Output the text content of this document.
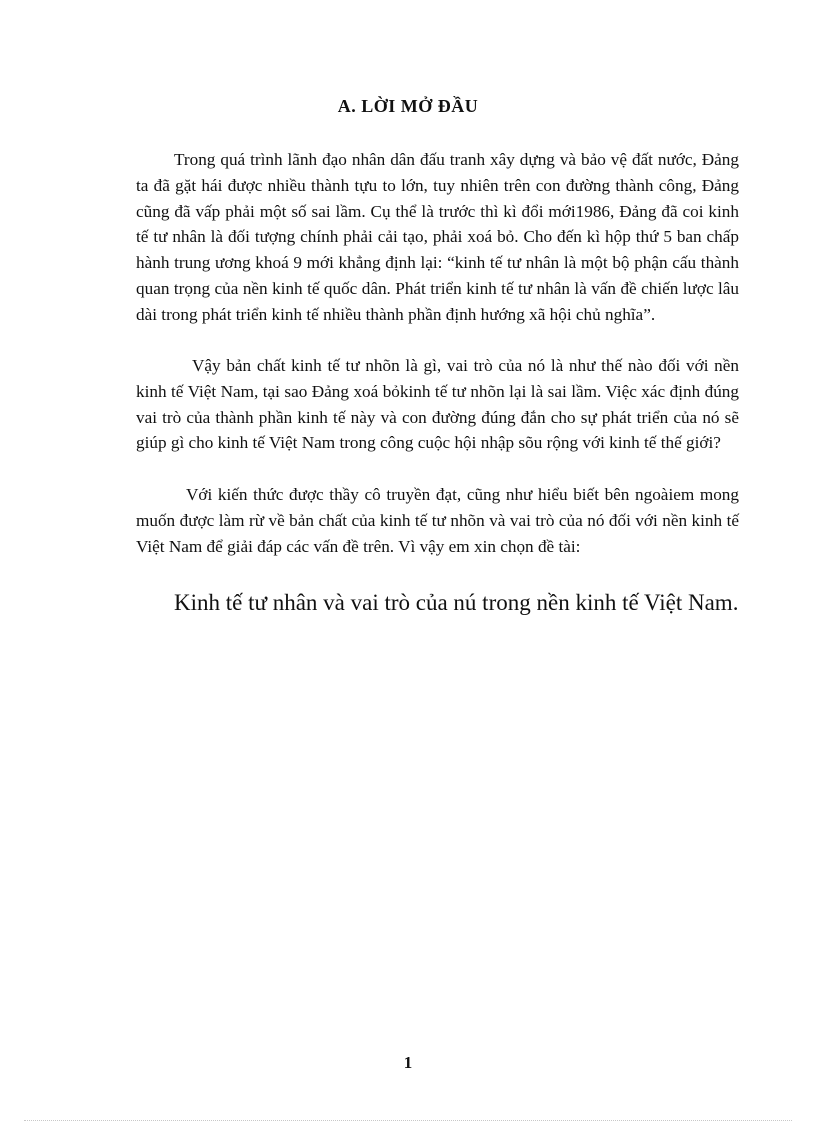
A. LỜI MỞ ĐẦU

Trong quá trình lãnh đạo nhân dân đấu tranh xây dựng và bảo vệ đất nước, Đảng ta đã gặt hái được nhiều thành tựu to lớn, tuy nhiên trên con đường thành công, Đảng cũng đã vấp phải một số sai lầm. Cụ thể là trước thì kì đổi mới1986, Đảng đã coi kinh tế tư nhân là đối tượng chính phải cải tạo, phải xoá bỏ. Cho đến kì hộp thứ 5 ban chấp hành trung ương khoá 9 mới khẳng định lại: “kinh tế tư nhân là một bộ phận cấu thành quan trọng của nền kinh tế quốc dân. Phát triển kinh tế tư nhân là vấn đề chiến lược lâu dài trong phát triển kinh tế nhiều thành phần định hướng xã hội chủ nghĩa”.

Vậy bản chất kinh tế tư nhõn là gì, vai trò của nó là như thế nào đối với nền kinh tế Việt Nam, tại sao Đảng xoá bỏkinh tế tư nhõn lại là sai lầm. Việc xác định đúng vai trò của thành phần kinh tế này và con đường đúng đắn cho sự phát triển của nó sẽ giúp gì cho kinh tế Việt Nam trong công cuộc hội nhập sõu rộng với kinh tế thế giới?

Với kiến thức được thầy cô truyền đạt, cũng như hiểu biết bên ngoàiem mong muốn được làm rừ về bản chất của kinh tế tư nhõn và vai trò của nó đối với nền kinh tế Việt Nam để giải đáp các vấn đề trên. Vì vậy em xin chọn đề tài:

Kinh tế tư nhân và vai trò của nú trong nền kinh tế Việt Nam.

1
